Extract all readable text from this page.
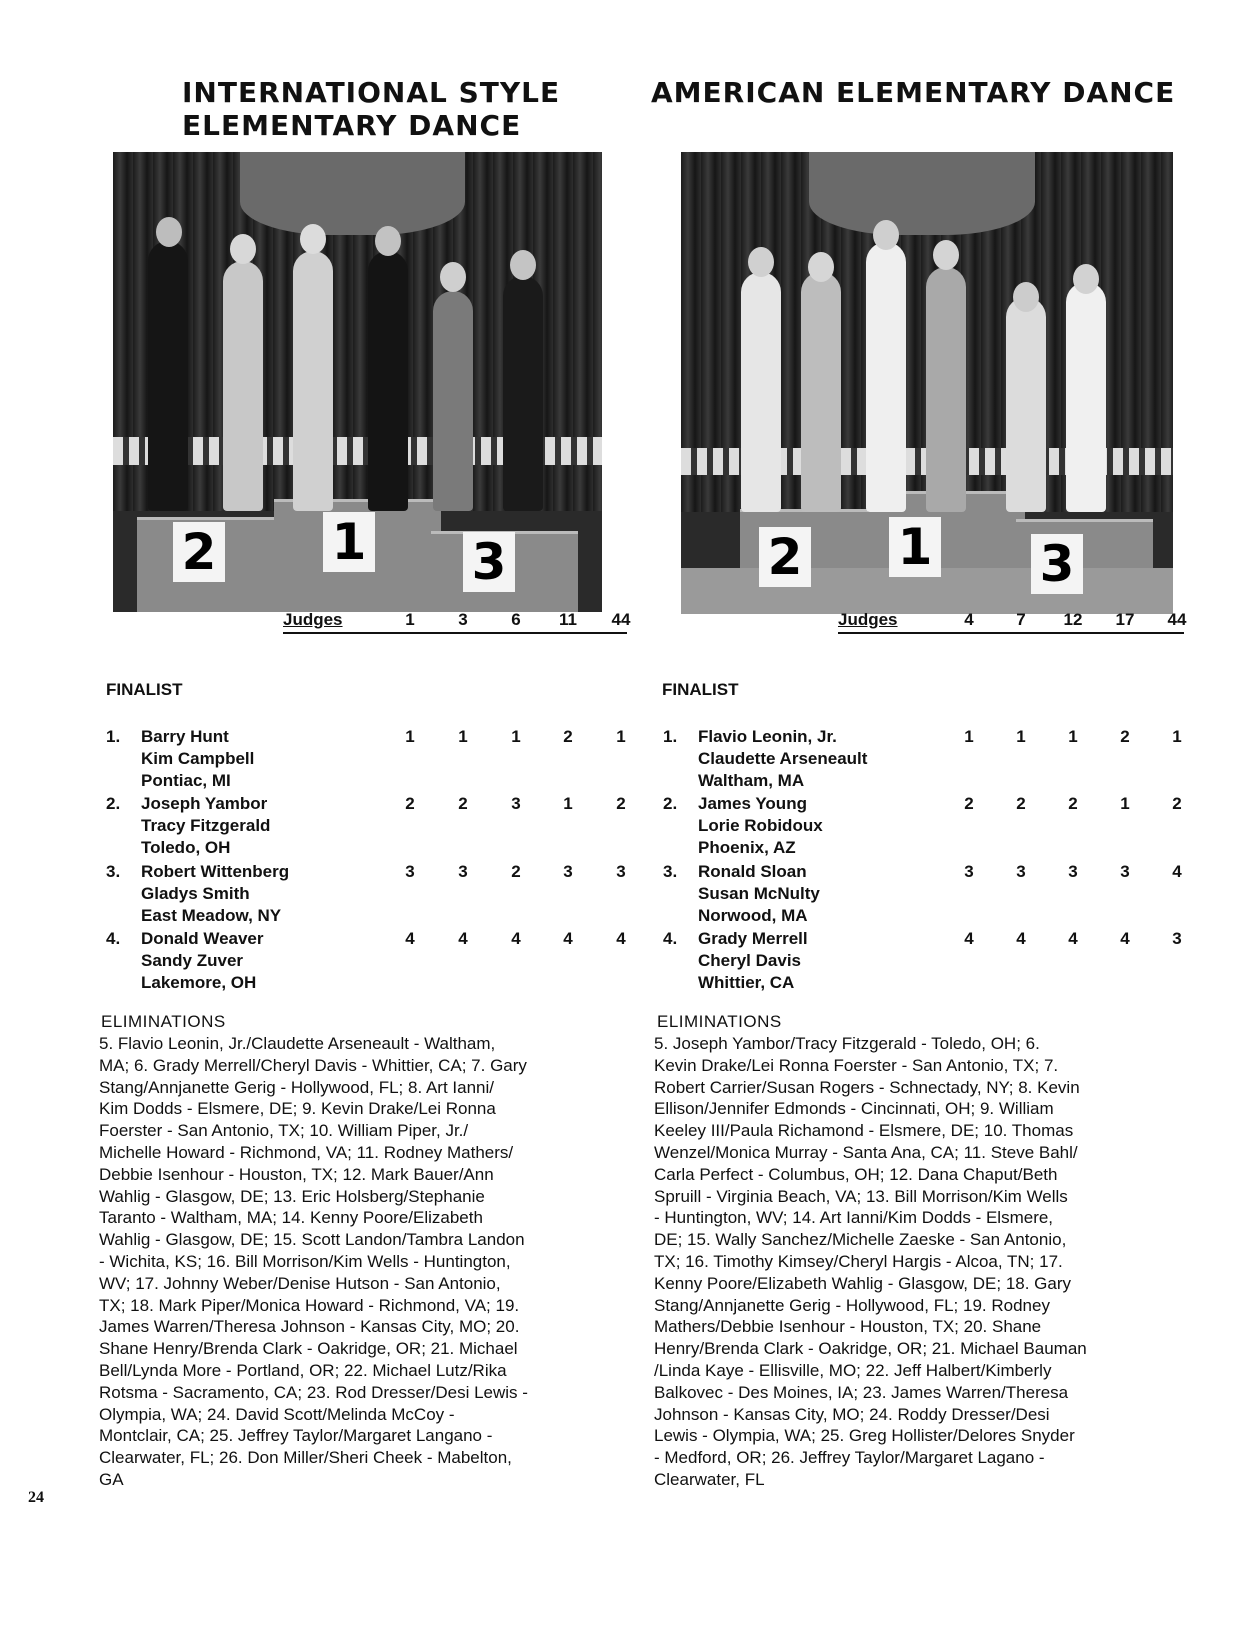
INTERNATIONAL STYLE
ELEMENTARY DANCE
2 1 3
Judges	1	3	6	11	44
FINALIST
1. Barry Hunt
Kim Campbell
Pontiac, MI
1	1	1	2	1
2. Joseph Yambor
Tracy Fitzgerald
Toledo, OH
2	2	3	1	2
3. Robert Wittenberg
Gladys Smith
East Meadow, NY
3	3	2	3	3
4. Donald Weaver
Sandy Zuver
Lakemore, OH
4	4	4	4	4
ELIMINATIONS
5. Flavio Leonin, Jr./Claudette Arseneault - Waltham,
MA; 6. Grady Merrell/Cheryl Davis - Whittier, CA; 7. Gary
Stang/Annjanette Gerig - Hollywood, FL; 8. Art Ianni/
Kim Dodds - Elsmere, DE; 9. Kevin Drake/Lei Ronna
Foerster - San Antonio, TX; 10. William Piper, Jr./
Michelle Howard - Richmond, VA; 11. Rodney Mathers/
Debbie Isenhour - Houston, TX; 12. Mark Bauer/Ann
Wahlig - Glasgow, DE; 13. Eric Holsberg/Stephanie
Taranto - Waltham, MA; 14. Kenny Poore/Elizabeth
Wahlig - Glasgow, DE; 15. Scott Landon/Tambra Landon
- Wichita, KS; 16. Bill Morrison/Kim Wells - Huntington,
WV; 17. Johnny Weber/Denise Hutson - San Antonio,
TX; 18. Mark Piper/Monica Howard - Richmond, VA; 19.
James Warren/Theresa Johnson - Kansas City, MO; 20.
Shane Henry/Brenda Clark - Oakridge, OR; 21. Michael
Bell/Lynda More - Portland, OR; 22. Michael Lutz/Rika
Rotsma - Sacramento, CA; 23. Rod Dresser/Desi Lewis -
Olympia, WA; 24. David Scott/Melinda McCoy -
Montclair, CA; 25. Jeffrey Taylor/Margaret Langano -
Clearwater, FL; 26. Don Miller/Sheri Cheek - Mabelton,
GA
AMERICAN ELEMENTARY DANCE
2 1 3
Judges	4	7	12	17	44
FINALIST
1. Flavio Leonin, Jr.
Claudette Arseneault
Waltham, MA
1	1	1	2	1
2. James Young
Lorie Robidoux
Phoenix, AZ
2	2	2	1	2
3. Ronald Sloan
Susan McNulty
Norwood, MA
3	3	3	3	4
4. Grady Merrell
Cheryl Davis
Whittier, CA
4	4	4	4	3
ELIMINATIONS
5. Joseph Yambor/Tracy Fitzgerald - Toledo, OH; 6.
Kevin Drake/Lei Ronna Foerster - San Antonio, TX; 7.
Robert Carrier/Susan Rogers - Schnectady, NY; 8. Kevin
Ellison/Jennifer Edmonds - Cincinnati, OH; 9. William
Keeley III/Paula Richamond - Elsmere, DE; 10. Thomas
Wenzel/Monica Murray - Santa Ana, CA; 11. Steve Bahl/
Carla Perfect - Columbus, OH; 12. Dana Chaput/Beth
Spruill - Virginia Beach, VA; 13. Bill Morrison/Kim Wells
- Huntington, WV; 14. Art Ianni/Kim Dodds - Elsmere,
DE; 15. Wally Sanchez/Michelle Zaeske - San Antonio,
TX; 16. Timothy Kimsey/Cheryl Hargis - Alcoa, TN; 17.
Kenny Poore/Elizabeth Wahlig - Glasgow, DE; 18. Gary
Stang/Annjanette Gerig - Hollywood, FL; 19. Rodney
Mathers/Debbie Isenhour - Houston, TX; 20. Shane
Henry/Brenda Clark - Oakridge, OR; 21. Michael Bauman
/Linda Kaye - Ellisville, MO; 22. Jeff Halbert/Kimberly
Balkovec - Des Moines, IA; 23. James Warren/Theresa
Johnson - Kansas City, MO; 24. Roddy Dresser/Desi
Lewis - Olympia, WA; 25. Greg Hollister/Delores Snyder
- Medford, OR; 26. Jeffrey Taylor/Margaret Lagano -
Clearwater, FL
24
